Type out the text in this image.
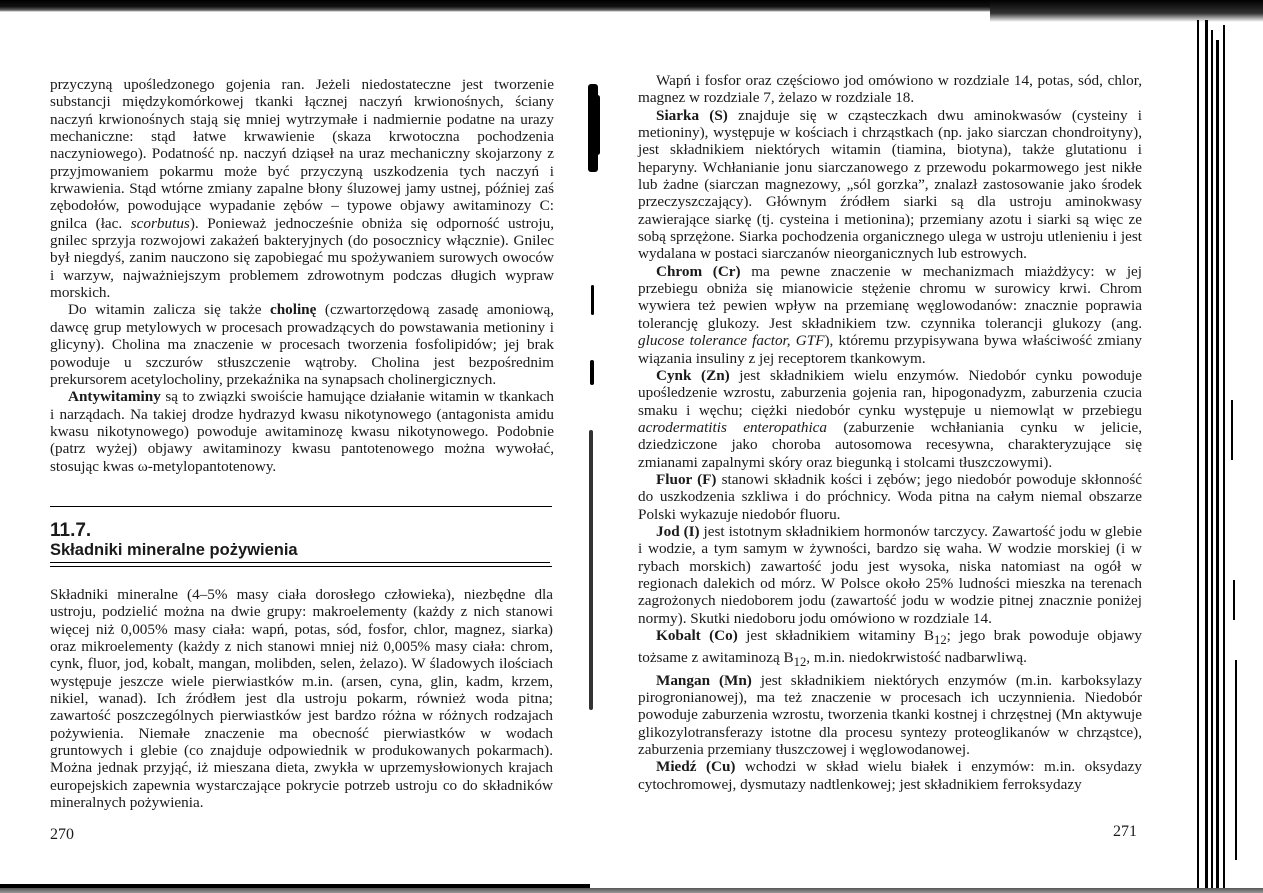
przyczyną upośledzonego gojenia ran. Jeżeli niedostateczne jest tworzenie substancji międzykomórkowej tkanki łącznej naczyń krwionośnych, ściany naczyń krwionośnych stają się mniej wytrzymałe i nadmiernie podatne na urazy mechaniczne: stąd łatwe krwawienie (skaza krwotoczna pochodzenia naczyniowego). Podatność np. naczyń dziąseł na uraz mechaniczny skojarzony z przyjmowaniem pokarmu może być przyczyną uszkodzenia tych naczyń i krwawienia. Stąd wtórne zmiany zapalne błony śluzowej jamy ustnej, później zaś zębodołów, powodujące wypadanie zębów – typowe objawy awitaminozy C: gnilca (łac. scorbutus). Ponieważ jednocześnie obniża się odporność ustroju, gnilec sprzyja rozwojowi zakażeń bakteryjnych (do posocznicy włącznie). Gnilec był niegdyś, zanim nauczono się zapobiegać mu spożywaniem surowych owoców i warzyw, najważniejszym problemem zdrowotnym podczas długich wypraw morskich.

Do witamin zalicza się także cholinę (czwartorzędową zasadę amoniową, dawcę grup metylowych w procesach prowadzących do powstawania metioniny i glicyny). Cholina ma znaczenie w procesach tworzenia fosfolipidów; jej brak powoduje u szczurów stłuszczenie wątroby. Cholina jest bezpośrednim prekursorem acetylocholiny, przekaźnika na synapsach cholinergicznych.

Antywitaminy są to związki swoiście hamujące działanie witamin w tkankach i narządach. Na takiej drodze hydrazyd kwasu nikotynowego (antagonista amidu kwasu nikotynowego) powoduje awitaminozę kwasu nikotynowego. Podobnie (patrz wyżej) objawy awitaminozy kwasu pantotenowego można wywołać, stosując kwas ω-metylopantotenowy.

11.7.
Składniki mineralne pożywienia

Składniki mineralne (4–5% masy ciała dorosłego człowieka), niezbędne dla ustroju, podzielić można na dwie grupy: makroelementy (każdy z nich stanowi więcej niż 0,005% masy ciała: wapń, potas, sód, fosfor, chlor, magnez, siarka) oraz mikroelementy (każdy z nich stanowi mniej niż 0,005% masy ciała: chrom, cynk, fluor, jod, kobalt, mangan, molibden, selen, żelazo). W śladowych ilościach występuje jeszcze wiele pierwiastków m.in. (arsen, cyna, glin, kadm, krzem, nikiel, wanad). Ich źródłem jest dla ustroju pokarm, również woda pitna; zawartość poszczególnych pierwiastków jest bardzo różna w różnych rodzajach pożywienia. Niemałe znaczenie ma obecność pierwiastków w wodach gruntowych i glebie (co znajduje odpowiednik w produkowanych pokarmach). Można jednak przyjąć, iż mieszana dieta, zwykła w uprzemysłowionych krajach europejskich zapewnia wystarczające pokrycie potrzeb ustroju co do składników mineralnych pożywienia.

270

Wapń i fosfor oraz częściowo jod omówiono w rozdziale 14, potas, sód, chlor, magnez w rozdziale 7, żelazo w rozdziale 18.

Siarka (S) znajduje się w cząsteczkach dwu aminokwasów (cysteiny i metioniny), występuje w kościach i chrząstkach (np. jako siarczan chondroityny), jest składnikiem niektórych witamin (tiamina, biotyna), także glutationu i heparyny. Wchłanianie jonu siarczanowego z przewodu pokarmowego jest nikłe lub żadne (siarczan magnezowy, „sól gorzka”, znalazł zastosowanie jako środek przeczyszczający). Głównym źródłem siarki są dla ustroju aminokwasy zawierające siarkę (tj. cysteina i metionina); przemiany azotu i siarki są więc ze sobą sprzężone. Siarka pochodzenia organicznego ulega w ustroju utlenieniu i jest wydalana w postaci siarczanów nieorganicznych lub estrowych.

Chrom (Cr) ma pewne znaczenie w mechanizmach miażdżycy: w jej przebiegu obniża się mianowicie stężenie chromu w surowicy krwi. Chrom wywiera też pewien wpływ na przemianę węglowodanów: znacznie poprawia tolerancję glukozy. Jest składnikiem tzw. czynnika tolerancji glukozy (ang. glucose tolerance factor, GTF), któremu przypisywana bywa właściwość zmiany wiązania insuliny z jej receptorem tkankowym.

Cynk (Zn) jest składnikiem wielu enzymów. Niedobór cynku powoduje upośledzenie wzrostu, zaburzenia gojenia ran, hipogonadyzm, zaburzenia czucia smaku i węchu; ciężki niedobór cynku występuje u niemowląt w przebiegu acrodermatitis enteropathica (zaburzenie wchłaniania cynku w jelicie, dziedziczone jako choroba autosomowa recesywna, charakteryzujące się zmianami zapalnymi skóry oraz biegunką i stolcami tłuszczowymi).

Fluor (F) stanowi składnik kości i zębów; jego niedobór powoduje skłonność do uszkodzenia szkliwa i do próchnicy. Woda pitna na całym niemal obszarze Polski wykazuje niedobór fluoru.

Jod (I) jest istotnym składnikiem hormonów tarczycy. Zawartość jodu w glebie i wodzie, a tym samym w żywności, bardzo się waha. W wodzie morskiej (i w rybach morskich) zawartość jodu jest wysoka, niska natomiast na ogół w regionach dalekich od mórz. W Polsce około 25% ludności mieszka na terenach zagrożonych niedoborem jodu (zawartość jodu w wodzie pitnej znacznie poniżej normy). Skutki niedoboru jodu omówiono w rozdziale 14.

Kobalt (Co) jest składnikiem witaminy $B_{12}$; jego brak powoduje objawy tożsame z awitaminozą $B_{12}$, m.in. niedokrwistość nadbarwliwą.

Mangan (Mn) jest składnikiem niektórych enzymów (m.in. karboksylazy pirogronianowej), ma też znaczenie w procesach ich uczynnienia. Niedobór powoduje zaburzenia wzrostu, tworzenia tkanki kostnej i chrzęstnej (Mn aktywuje glikozylotransferazy istotne dla procesu syntezy proteoglikanów w chrząstce), zaburzenia przemiany tłuszczowej i węglowodanowej.

Miedź (Cu) wchodzi w skład wielu białek i enzymów: m.in. oksydazy cytochromowej, dysmutazy nadtlenkowej; jest składnikiem ferroksydazy

271
